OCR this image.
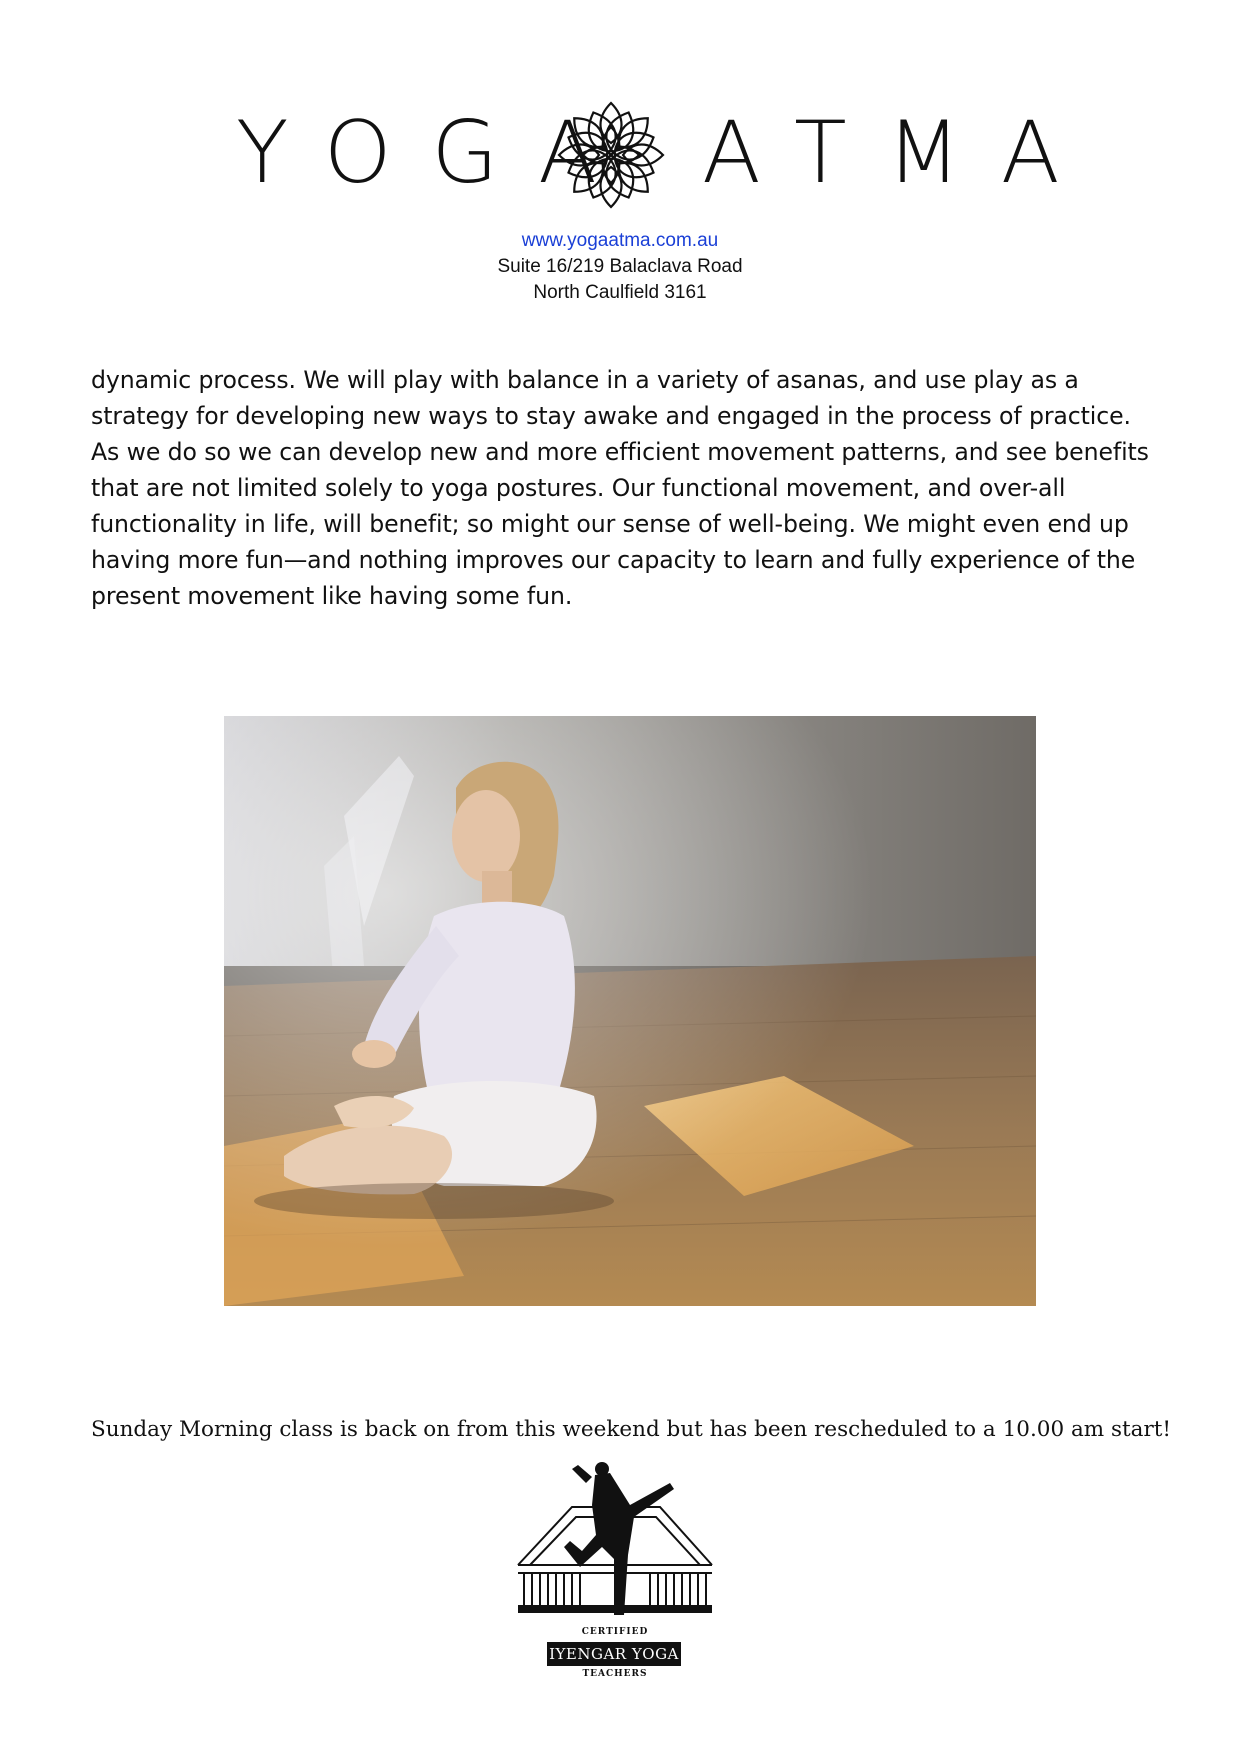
YOGA ATMA
www.yogaatma.com.au
Suite 16/219 Balaclava Road
North Caulfield 3161

dynamic process. We will play with balance in a variety of asanas, and use play as a strategy for developing new ways to stay awake and engaged in the process of practice. As we do so we can develop new and more efficient movement patterns, and see benefits that are not limited solely to yoga postures. Our functional movement, and over-all functionality in life, will benefit; so might our sense of well-being. We might even end up having more fun—and nothing improves our capacity to learn and fully experience of the present movement like having some fun.

Sunday Morning class is back on from this weekend but has been rescheduled to a 10.00 am start!

CERTIFIED
IYENGAR YOGA
TEACHERS
